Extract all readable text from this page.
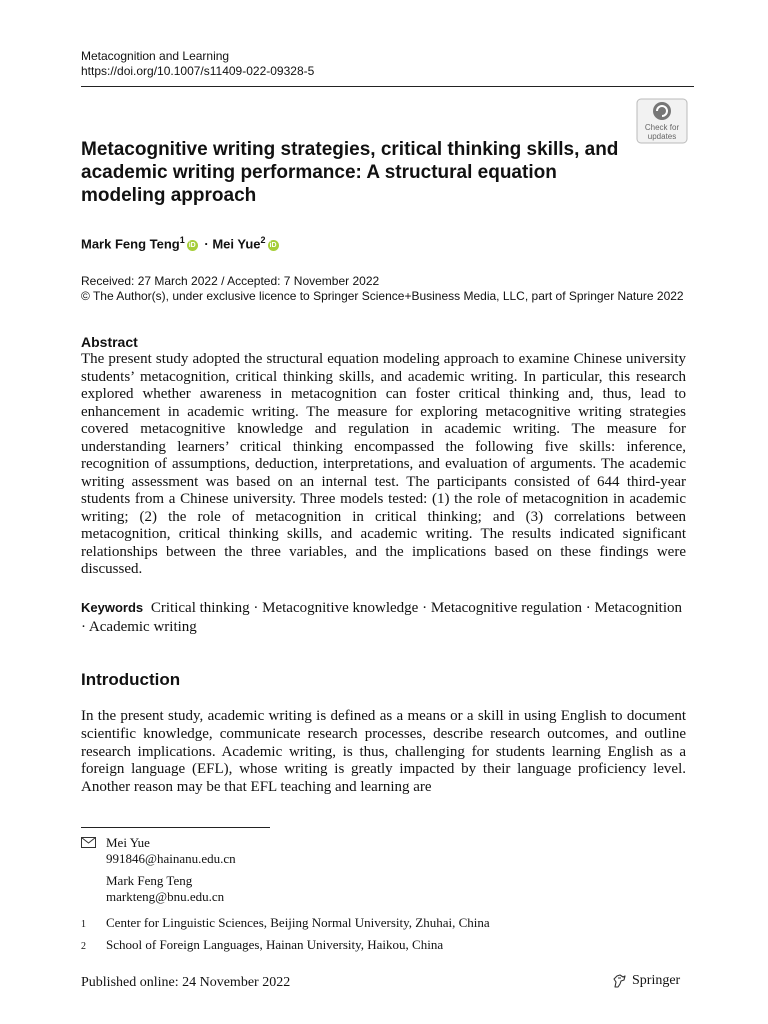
Metacognition and Learning
https://doi.org/10.1007/s11409-022-09328-5
Check for
updates
Metacognitive writing strategies, critical thinking skills, and academic writing performance: A structural equation modeling approach
Mark Feng Teng$^1$iD · Mei Yue$^2$iD
Received: 27 March 2022 / Accepted: 7 November 2022
© The Author(s), under exclusive licence to Springer Science+Business Media, LLC, part of Springer Nature 2022
Abstract
The present study adopted the structural equation modeling approach to examine Chinese university students’ metacognition, critical thinking skills, and academic writing. In particular, this research explored whether awareness in metacognition can foster critical thinking and, thus, lead to enhancement in academic writing. The measure for exploring metacognitive writing strategies covered metacognitive knowledge and regulation in academic writing. The measure for understanding learners’ critical thinking encompassed the following five skills: inference, recognition of assumptions, deduction, interpretations, and evaluation of arguments. The academic writing assessment was based on an internal test. The participants consisted of 644 third-year students from a Chinese university. Three models tested: (1) the role of metacognition in academic writing; (2) the role of metacognition in critical thinking; and (3) correlations between metacognition, critical thinking skills, and academic writing. The results indicated significant relationships between the three variables, and the implications based on these findings were discussed.
Keywords Critical thinking · Metacognitive knowledge · Metacognitive regulation · Metacognition · Academic writing
Introduction
In the present study, academic writing is defined as a means or a skill in using English to document scientific knowledge, communicate research processes, describe research outcomes, and outline research implications. Academic writing, is thus, challenging for students learning English as a foreign language (EFL), whose writing is greatly impacted by their language proficiency level. Another reason may be that EFL teaching and learning are
Mei Yue
991846@hainanu.edu.cn
Mark Feng Teng
markteng@bnu.edu.cn
1 Center for Linguistic Sciences, Beijing Normal University, Zhuhai, China
2 School of Foreign Languages, Hainan University, Haikou, China
Published online: 24 November 2022	Springer
